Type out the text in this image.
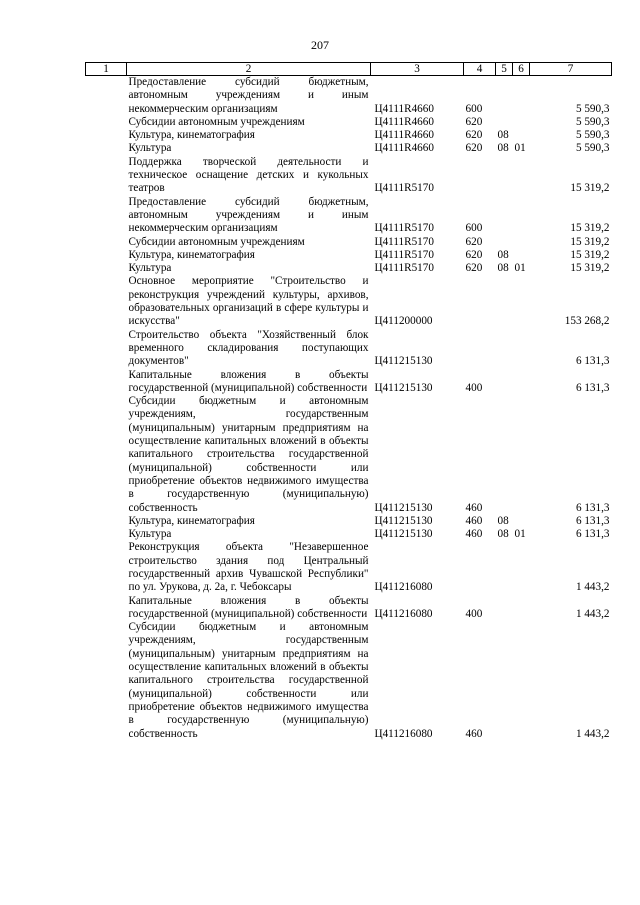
207
1	2	3	4	5	6	7
	Предоставление субсидий бюджетным, автономным учреждениям и иным некоммерческим организациям	Ц4111R4660	600			5 590,3
	Субсидии автономным учреждениям	Ц4111R4660	620			5 590,3
	Культура, кинематография	Ц4111R4660	620	08		5 590,3
	Культура	Ц4111R4660	620	08	01	5 590,3
	Поддержка творческой деятельности и техническое оснащение детских и кукольных театров	Ц4111R5170				15 319,2
	Предоставление субсидий бюджетным, автономным учреждениям и иным некоммерческим организациям	Ц4111R5170	600			15 319,2
	Субсидии автономным учреждениям	Ц4111R5170	620			15 319,2
	Культура, кинематография	Ц4111R5170	620	08		15 319,2
	Культура	Ц4111R5170	620	08	01	15 319,2
	Основное мероприятие "Строительство и реконструкция учреждений культуры, архивов, образовательных организаций в сфере культуры и искусства"	Ц411200000				153 268,2
	Строительство объекта "Хозяйственный блок временного складирования поступающих документов"	Ц411215130				6 131,3
	Капитальные вложения в объекты государственной (муниципальной) собственности	Ц411215130	400			6 131,3
	Субсидии бюджетным и автономным учреждениям, государственным (муниципальным) унитарным предприятиям на осуществление капитальных вложений в объекты капитального строительства государственной (муниципальной) собственности или приобретение объектов недвижимого имущества в государственную (муниципальную) собственность	Ц411215130	460			6 131,3
	Культура, кинематография	Ц411215130	460	08		6 131,3
	Культура	Ц411215130	460	08	01	6 131,3
	Реконструкция объекта "Незавершенное строительство здания под Центральный государственный архив Чувашской Республики" по ул. Урукова, д. 2а, г. Чебоксары	Ц411216080				1 443,2
	Капитальные вложения в объекты государственной (муниципальной) собственности	Ц411216080	400			1 443,2
	Субсидии бюджетным и автономным учреждениям, государственным (муниципальным) унитарным предприятиям на осуществление капитальных вложений в объекты капитального строительства государственной (муниципальной) собственности или приобретение объектов недвижимого имущества в государственную (муниципальную) собственность	Ц411216080	460			1 443,2
